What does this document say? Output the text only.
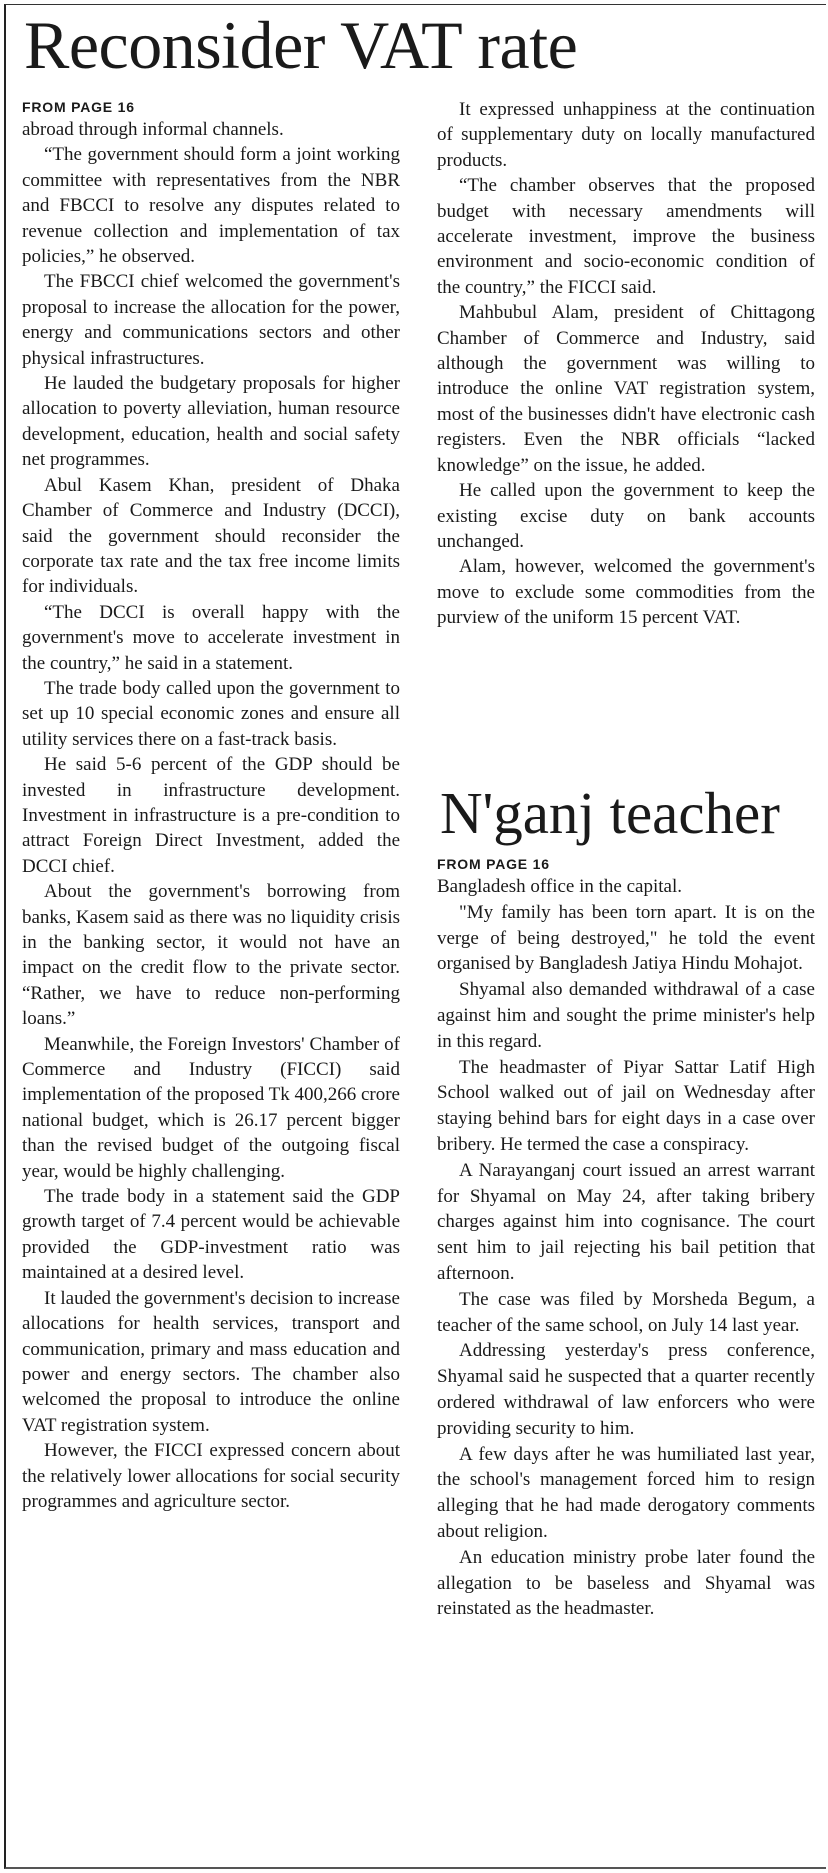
Reconsider VAT rate

FROM PAGE 16

abroad through informal channels.

“The government should form a joint working committee with representatives from the NBR and FBCCI to resolve any disputes related to revenue collection and implementation of tax policies,” he observed.

The FBCCI chief welcomed the government's proposal to increase the allocation for the power, energy and communications sectors and other physical infrastructures.

He lauded the budgetary proposals for higher allocation to poverty alleviation, human resource development, education, health and social safety net programmes.

Abul Kasem Khan, president of Dhaka Chamber of Commerce and Industry (DCCI), said the government should reconsider the corporate tax rate and the tax free income limits for individuals.

“The DCCI is overall happy with the government's move to accelerate investment in the country,” he said in a statement.

The trade body called upon the government to set up 10 special economic zones and ensure all utility services there on a fast-track basis.

He said 5-6 percent of the GDP should be invested in infrastructure development. Investment in infrastructure is a pre-condition to attract Foreign Direct Investment, added the DCCI chief.

About the government's borrowing from banks, Kasem said as there was no liquidity crisis in the banking sector, it would not have an impact on the credit flow to the private sector. “Rather, we have to reduce non-performing loans.”

Meanwhile, the Foreign Investors' Chamber of Commerce and Industry (FICCI) said implementation of the proposed Tk 400,266 crore national budget, which is 26.17 percent bigger than the revised budget of the outgoing fiscal year, would be highly challenging.

The trade body in a statement said the GDP growth target of 7.4 percent would be achievable provided the GDP-investment ratio was maintained at a desired level.

It lauded the government's decision to increase allocations for health services, transport and communication, primary and mass education and power and energy sectors. The chamber also welcomed the proposal to introduce the online VAT registration system.

However, the FICCI expressed concern about the relatively lower allocations for social security programmes and agriculture sector.

It expressed unhappiness at the continuation of supplementary duty on locally manufactured products.

“The chamber observes that the proposed budget with necessary amendments will accelerate investment, improve the business environment and socio-economic condition of the country,” the FICCI said.

Mahbubul Alam, president of Chittagong Chamber of Commerce and Industry, said although the government was willing to introduce the online VAT registration system, most of the businesses didn't have electronic cash registers. Even the NBR officials “lacked knowledge” on the issue, he added.

He called upon the government to keep the existing excise duty on bank accounts unchanged.

Alam, however, welcomed the government's move to exclude some commodities from the purview of the uniform 15 percent VAT.

N'ganj teacher

FROM PAGE 16

Bangladesh office in the capital.

"My family has been torn apart. It is on the verge of being destroyed," he told the event organised by Bangladesh Jatiya Hindu Mohajot.

Shyamal also demanded withdrawal of a case against him and sought the prime minister's help in this regard.

The headmaster of Piyar Sattar Latif High School walked out of jail on Wednesday after staying behind bars for eight days in a case over bribery. He termed the case a conspiracy.

A Narayanganj court issued an arrest warrant for Shyamal on May 24, after taking bribery charges against him into cognisance. The court sent him to jail rejecting his bail petition that afternoon.

The case was filed by Morsheda Begum, a teacher of the same school, on July 14 last year.

Addressing yesterday's press conference, Shyamal said he suspected that a quarter recently ordered withdrawal of law enforcers who were providing security to him.

A few days after he was humiliated last year, the school's management forced him to resign alleging that he had made derogatory comments about religion.

An education ministry probe later found the allegation to be baseless and Shyamal was reinstated as the headmaster.
